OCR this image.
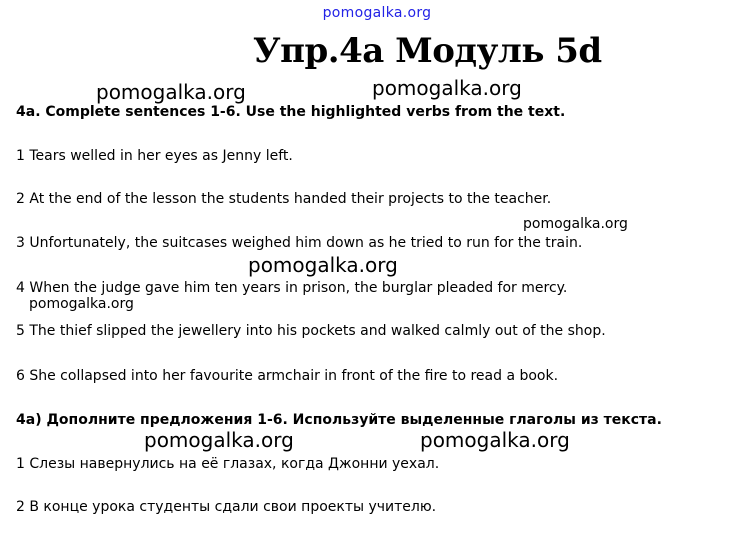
pomogalka.org
Упр.4а Модуль 5d
pomogalka.org	pomogalka.org
pomogalka.org
pomogalka.org
pomogalka.org
pomogalka.org	pomogalka.org
4a. Complete sentences 1-6. Use the highlighted verbs from the text.
1 Tears welled in her eyes as Jenny left.
2 At the end of the lesson the students handed their projects to the teacher.
3 Unfortunately, the suitcases weighed him down as he tried to run for the train.
4 When the judge gave him ten years in prison, the burglar pleaded for mercy.
5 The thief slipped the jewellery into his pockets and walked calmly out of the shop.
6 She collapsed into her favourite armchair in front of the fire to read a book.
4а) Дополните предложения 1-6. Используйте выделенные глаголы из текста.
1 Слезы навернулись на её глазах, когда Джонни уехал.
2 В конце урока студенты сдали свои проекты учителю.
